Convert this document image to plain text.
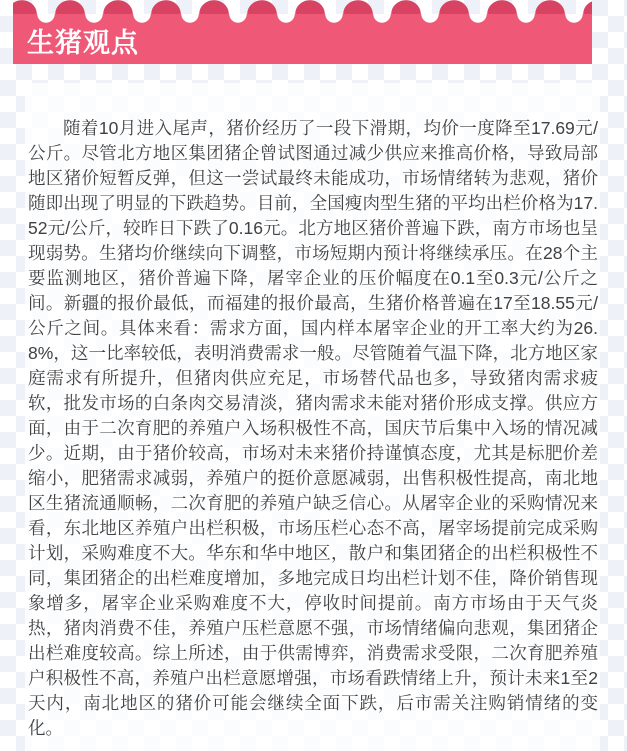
生猪观点

随着10月进入尾声，猪价经历了一段下滑期，均价一度降至17.69元/公斤。尽管北方地区集团猪企曾试图通过减少供应来推高价格，导致局部地区猪价短暂反弹，但这一尝试最终未能成功，市场情绪转为悲观，猪价随即出现了明显的下跌趋势。目前，全国瘦肉型生猪的平均出栏价格为17.52元/公斤，较昨日下跌了0.16元。北方地区猪价普遍下跌，南方市场也呈现弱势。生猪均价继续向下调整，市场短期内预计将继续承压。在28个主要监测地区，猪价普遍下降，屠宰企业的压价幅度在0.1至0.3元/公斤之间。新疆的报价最低，而福建的报价最高，生猪价格普遍在17至18.55元/公斤之间。具体来看：需求方面，国内样本屠宰企业的开工率大约为26.8%，这一比率较低，表明消费需求一般。尽管随着气温下降，北方地区家庭需求有所提升，但猪肉供应充足，市场替代品也多，导致猪肉需求疲软，批发市场的白条肉交易清淡，猪肉需求未能对猪价形成支撑。供应方面，由于二次育肥的养殖户入场积极性不高，国庆节后集中入场的情况减少。近期，由于猪价较高，市场对未来猪价持谨慎态度，尤其是标肥价差缩小，肥猪需求减弱，养殖户的挺价意愿减弱，出售积极性提高，南北地区生猪流通顺畅，二次育肥的养殖户缺乏信心。从屠宰企业的采购情况来看，东北地区养殖户出栏积极，市场压栏心态不高，屠宰场提前完成采购计划，采购难度不大。华东和华中地区，散户和集团猪企的出栏积极性不同，集团猪企的出栏难度增加，多地完成日均出栏计划不佳，降价销售现象增多，屠宰企业采购难度不大，停收时间提前。南方市场由于天气炎热，猪肉消费不佳，养殖户压栏意愿不强，市场情绪偏向悲观，集团猪企出栏难度较高。综上所述，由于供需博弈，消费需求受限，二次育肥养殖户积极性不高，养殖户出栏意愿增强，市场看跌情绪上升，预计未来1至2天内，南北地区的猪价可能会继续全面下跌，后市需关注购销情绪的变化。
